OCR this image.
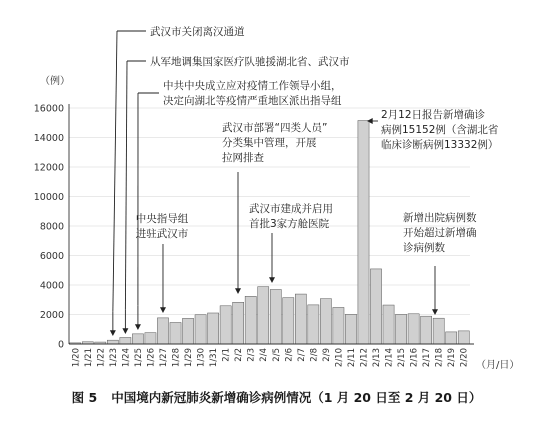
0
2000
4000
6000
8000
10000
12000
14000
16000
1/20 1/21 1/22 1/23 1/24 1/25 1/26 1/27 1/28 1/29 1/30 1/31 2/1 2/2 2/3 2/4 2/5 2/6 2/7 2/8 2/9 2/10 2/11 2/12 2/13 2/14 2/15 2/16 2/17 2/18 2/19 2/20
武汉市关闭离汉通道
从军地调集国家医疗队驰援湖北省、武汉市
中共中央成立应对疫情工作领导小组，
决定向湖北等疫情严重地区派出指导组
中央指导组
进驻武汉市
武汉市部署“四类人员”
分类集中管理，开展
拉网排查
武汉市建成并启用
首批3家方舱医院
2月12日报告新增确诊
病例15152例（含湖北省
临床诊断病例13332例）
新增出院病例数
开始超过新增确
诊病例数
（例）
（月/日）
图 5 中国境内新冠肺炎新增确诊病例情况（1 月 20 日至 2 月 20 日）
